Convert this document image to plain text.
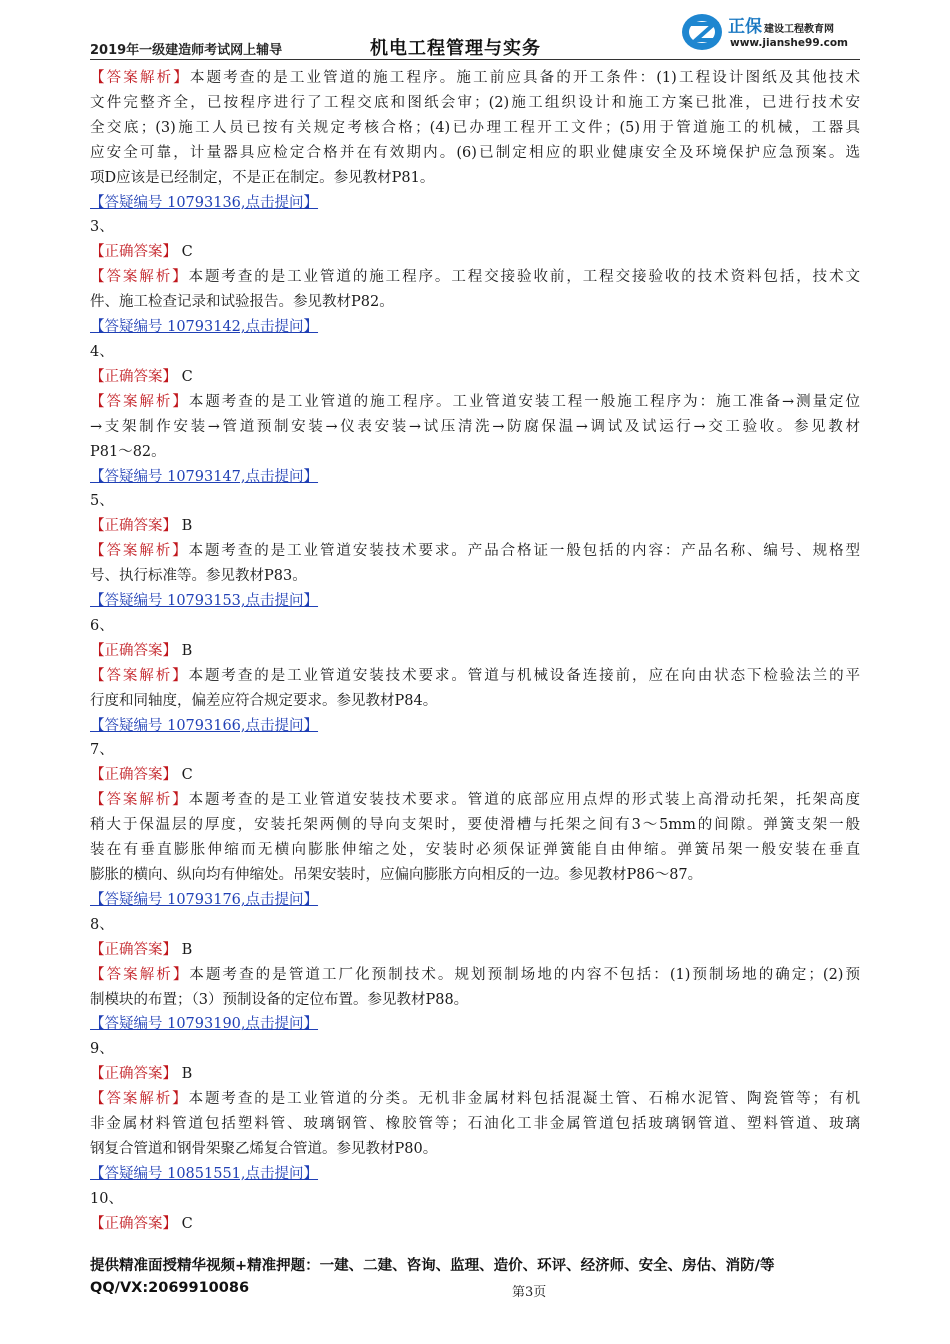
2019年一级建造师考试网上辅导	机电工程管理与实务
正保 建设工程教育网
www.jianshe99.com
【答案解析】本题考查的是工业管道的施工程序。施工前应具备的开工条件：(1)工程设计图纸及其他技术
文件完整齐全，已按程序进行了工程交底和图纸会审；(2)施工组织设计和施工方案已批准，已进行技术安
全交底；(3)施工人员已按有关规定考核合格；(4)已办理工程开工文件；(5)用于管道施工的机械，工器具
应安全可靠，计量器具应检定合格并在有效期内。(6)已制定相应的职业健康安全及环境保护应急预案。选
项D应该是已经制定，不是正在制定。参见教材P81。
【答疑编号 10793136,点击提问】
3、
【正确答案】 C
【答案解析】本题考查的是工业管道的施工程序。工程交接验收前，工程交接验收的技术资料包括，技术文
件、施工检查记录和试验报告。参见教材P82。
【答疑编号 10793142,点击提问】
4、
【正确答案】 C
【答案解析】本题考查的是工业管道的施工程序。工业管道安装工程一般施工程序为：施工准备→测量定位
→支架制作安装→管道预制安装→仪表安装→试压清洗→防腐保温→调试及试运行→交工验收。参见教材
P81～82。
【答疑编号 10793147,点击提问】
5、
【正确答案】 B
【答案解析】本题考查的是工业管道安装技术要求。产品合格证一般包括的内容：产品名称、编号、规格型
号、执行标准等。参见教材P83。
【答疑编号 10793153,点击提问】
6、
【正确答案】 B
【答案解析】本题考查的是工业管道安装技术要求。管道与机械设备连接前，应在向由状态下检验法兰的平
行度和同轴度，偏差应符合规定要求。参见教材P84。
【答疑编号 10793166,点击提问】
7、
【正确答案】 C
【答案解析】本题考查的是工业管道安装技术要求。管道的底部应用点焊的形式装上高滑动托架，托架高度
稍大于保温层的厚度，安装托架两侧的导向支架时，要使滑槽与托架之间有3～5mm的间隙。弹簧支架一般
装在有垂直膨胀伸缩而无横向膨胀伸缩之处，安装时必须保证弹簧能自由伸缩。弹簧吊架一般安装在垂直
膨胀的横向、纵向均有伸缩处。吊架安装时，应偏向膨胀方向相反的一边。参见教材P86～87。
【答疑编号 10793176,点击提问】
8、
【正确答案】 B
【答案解析】本题考查的是管道工厂化预制技术。规划预制场地的内容不包括：(1)预制场地的确定；(2)预
制模块的布置；（3）预制设备的定位布置。参见教材P88。
【答疑编号 10793190,点击提问】
9、
【正确答案】 B
【答案解析】本题考查的是工业管道的分类。无机非金属材料包括混凝土管、石棉水泥管、陶瓷管等；有机
非金属材料管道包括塑料管、玻璃钢管、橡胶管等；石油化工非金属管道包括玻璃钢管道、塑料管道、玻璃
钢复合管道和钢骨架聚乙烯复合管道。参见教材P80。
【答疑编号 10851551,点击提问】
10、
【正确答案】 C
提供精准面授精华视频+精准押题：一建、二建、咨询、监理、造价、环评、经济师、安全、房估、消防/等
QQ/VX:2069910086	第3页
